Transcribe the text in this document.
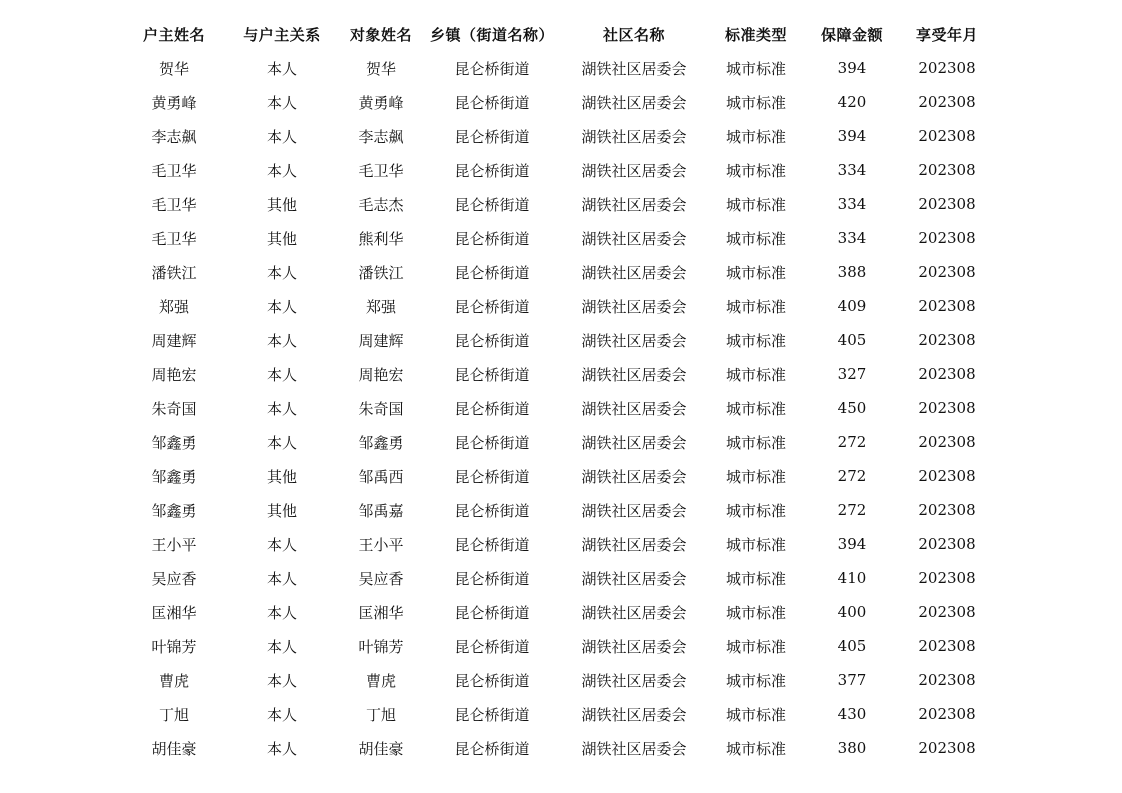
户主姓名	与户主关系	对象姓名	乡镇（街道名称）	社区名称	标准类型	保障金额	享受年月
贺华	本人	贺华	昆仑桥街道	湖铁社区居委会	城市标准	394	202308
黄勇峰	本人	黄勇峰	昆仑桥街道	湖铁社区居委会	城市标准	420	202308
李志飙	本人	李志飙	昆仑桥街道	湖铁社区居委会	城市标准	394	202308
毛卫华	本人	毛卫华	昆仑桥街道	湖铁社区居委会	城市标准	334	202308
毛卫华	其他	毛志杰	昆仑桥街道	湖铁社区居委会	城市标准	334	202308
毛卫华	其他	熊利华	昆仑桥街道	湖铁社区居委会	城市标准	334	202308
潘铁江	本人	潘铁江	昆仑桥街道	湖铁社区居委会	城市标准	388	202308
郑强	本人	郑强	昆仑桥街道	湖铁社区居委会	城市标准	409	202308
周建辉	本人	周建辉	昆仑桥街道	湖铁社区居委会	城市标准	405	202308
周艳宏	本人	周艳宏	昆仑桥街道	湖铁社区居委会	城市标准	327	202308
朱奇国	本人	朱奇国	昆仑桥街道	湖铁社区居委会	城市标准	450	202308
邹鑫勇	本人	邹鑫勇	昆仑桥街道	湖铁社区居委会	城市标准	272	202308
邹鑫勇	其他	邹禹西	昆仑桥街道	湖铁社区居委会	城市标准	272	202308
邹鑫勇	其他	邹禹嘉	昆仑桥街道	湖铁社区居委会	城市标准	272	202308
王小平	本人	王小平	昆仑桥街道	湖铁社区居委会	城市标准	394	202308
吴应香	本人	吴应香	昆仑桥街道	湖铁社区居委会	城市标准	410	202308
匡湘华	本人	匡湘华	昆仑桥街道	湖铁社区居委会	城市标准	400	202308
叶锦芳	本人	叶锦芳	昆仑桥街道	湖铁社区居委会	城市标准	405	202308
曹虎	本人	曹虎	昆仑桥街道	湖铁社区居委会	城市标准	377	202308
丁旭	本人	丁旭	昆仑桥街道	湖铁社区居委会	城市标准	430	202308
胡佳豪	本人	胡佳豪	昆仑桥街道	湖铁社区居委会	城市标准	380	202308
